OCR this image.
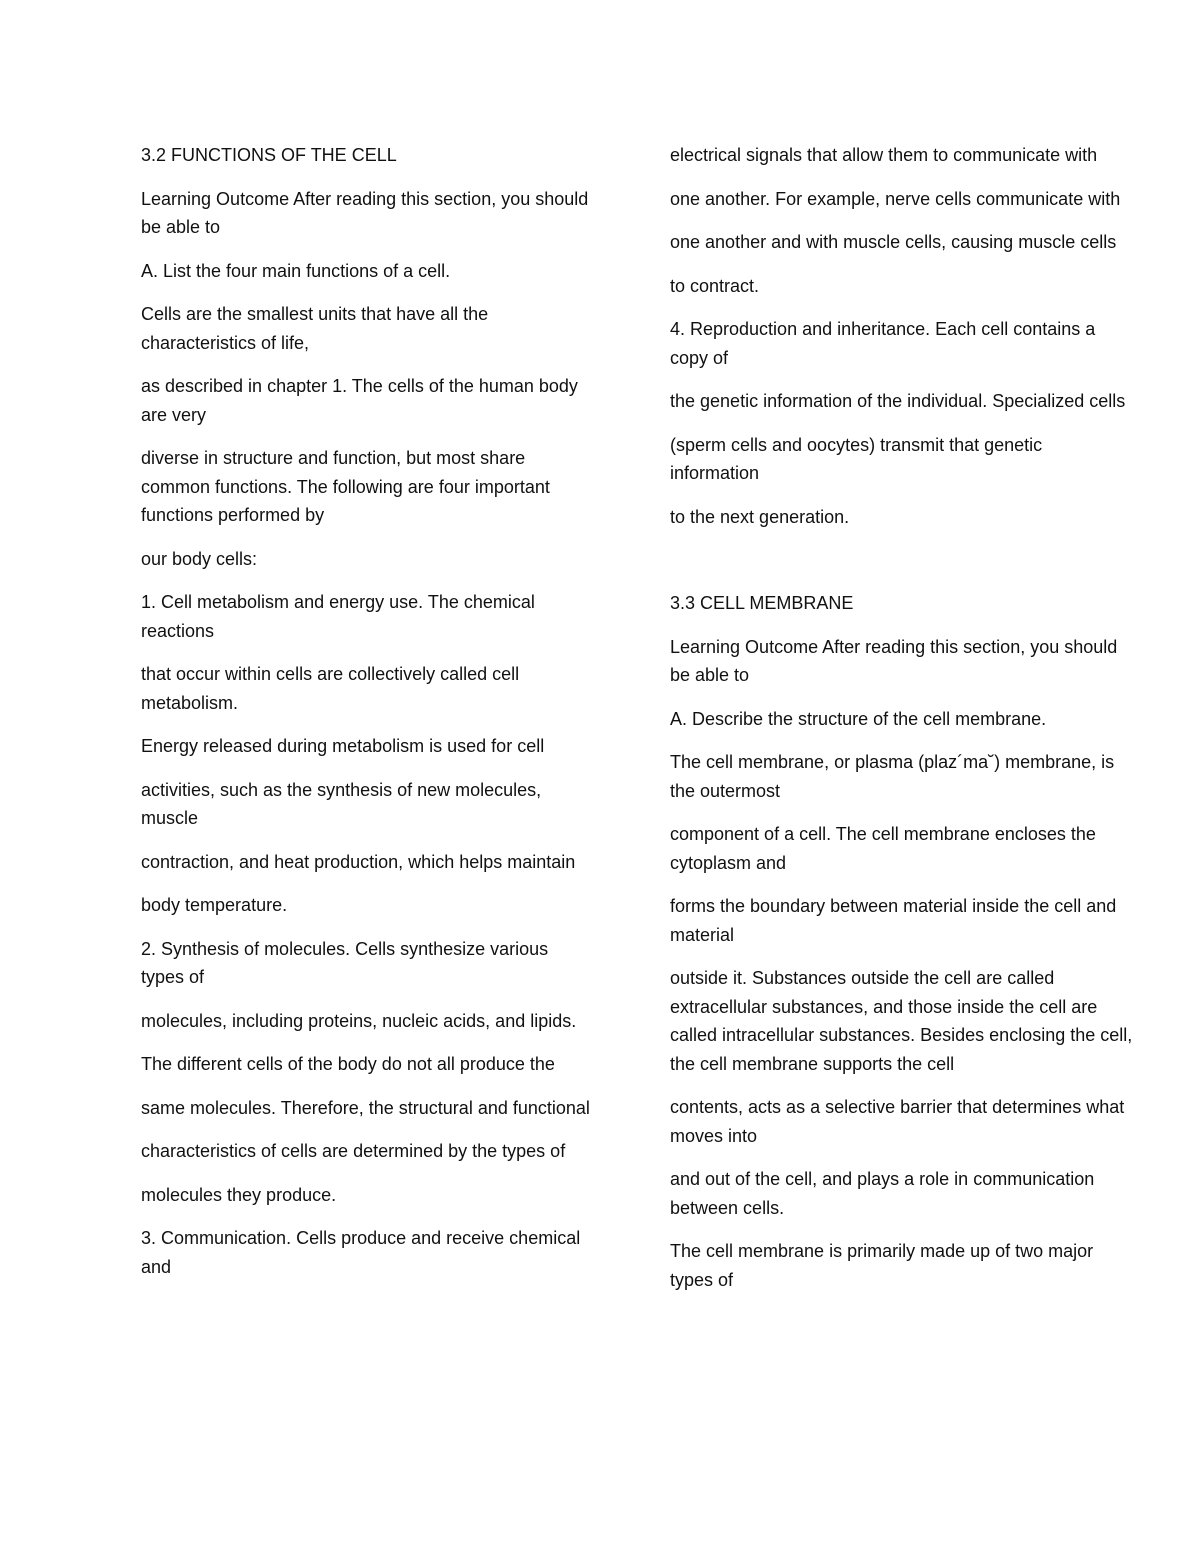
3.2 FUNCTIONS OF THE CELL

Learning Outcome After reading this section, you should be able to

A. List the four main functions of a cell.

Cells are the smallest units that have all the characteristics of life,

as described in chapter 1. The cells of the human body are very

diverse in structure and function, but most share common functions. The following are four important functions performed by

our body cells:

1. Cell metabolism and energy use. The chemical reactions

that occur within cells are collectively called cell metabolism.

Energy released during metabolism is used for cell

activities, such as the synthesis of new molecules, muscle

contraction, and heat production, which helps maintain

body temperature.

2. Synthesis of molecules. Cells synthesize various types of

molecules, including proteins, nucleic acids, and lipids.

The different cells of the body do not all produce the

same molecules. Therefore, the structural and functional

characteristics of cells are determined by the types of

molecules they produce.

3. Communication. Cells produce and receive chemical and

electrical signals that allow them to communicate with

one another. For example, nerve cells communicate with

one another and with muscle cells, causing muscle cells

to contract.

4. Reproduction and inheritance. Each cell contains a copy of

the genetic information of the individual. Specialized cells

(sperm cells and oocytes) transmit that genetic information

to the next generation.

3.3 CELL MEMBRANE

Learning Outcome After reading this section, you should be able to

A. Describe the structure of the cell membrane.

The cell membrane, or plasma (plaz´ma˘) membrane, is the outermost

component of a cell. The cell membrane encloses the cytoplasm and

forms the boundary between material inside the cell and material

outside it. Substances outside the cell are called extracellular substances, and those inside the cell are called intracellular substances. Besides enclosing the cell, the cell membrane supports the cell

contents, acts as a selective barrier that determines what moves into

and out of the cell, and plays a role in communication between cells.

The cell membrane is primarily made up of two major types of
